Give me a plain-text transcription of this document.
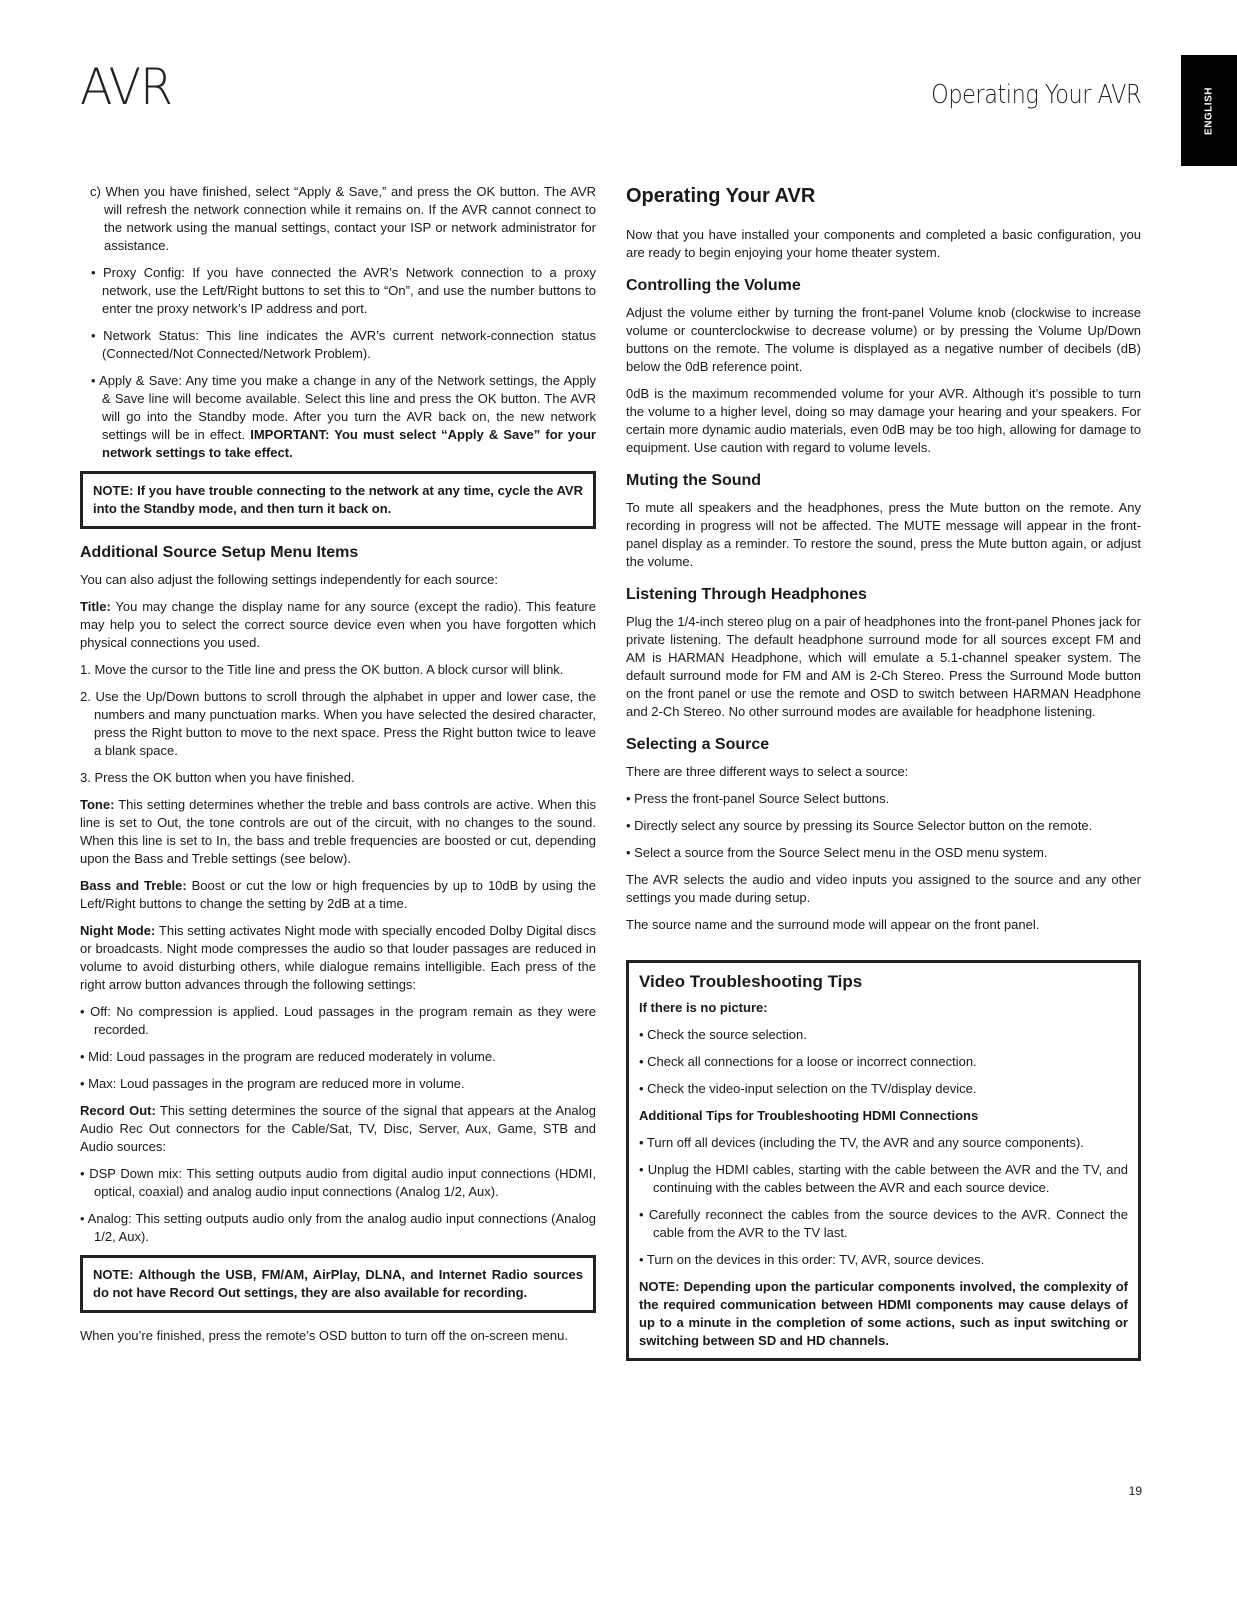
AVR	Operating Your AVR	ENGLISH

c) When you have finished, select “Apply & Save,” and press the OK button. The AVR will refresh the network connection while it remains on. If the AVR cannot connect to the network using the manual settings, contact your ISP or network administrator for assistance.

• Proxy Config: If you have connected the AVR’s Network connection to a proxy network, use the Left/Right buttons to set this to “On”, and use the number buttons to enter tne proxy network’s IP address and port.

• Network Status: This line indicates the AVR’s current network-connection status (Connected/Not Connected/Network Problem).

• Apply & Save: Any time you make a change in any of the Network settings, the Apply & Save line will become available. Select this line and press the OK button. The AVR will go into the Standby mode. After you turn the AVR back on, the new network settings will be in effect. IMPORTANT: You must select “Apply & Save” for your network settings to take effect.

NOTE: If you have trouble connecting to the network at any time, cycle the AVR into the Standby mode, and then turn it back on.

Additional Source Setup Menu Items

You can also adjust the following settings independently for each source:

Title: You may change the display name for any source (except the radio). This feature may help you to select the correct source device even when you have forgotten which physical connections you used.

1. Move the cursor to the Title line and press the OK button. A block cursor will blink.

2. Use the Up/Down buttons to scroll through the alphabet in upper and lower case, the numbers and many punctuation marks. When you have selected the desired character, press the Right button to move to the next space. Press the Right button twice to leave a blank space.

3. Press the OK button when you have finished.

Tone: This setting determines whether the treble and bass controls are active. When this line is set to Out, the tone controls are out of the circuit, with no changes to the sound. When this line is set to In, the bass and treble frequencies are boosted or cut, depending upon the Bass and Treble settings (see below).

Bass and Treble: Boost or cut the low or high frequencies by up to 10dB by using the Left/Right buttons to change the setting by 2dB at a time.

Night Mode: This setting activates Night mode with specially encoded Dolby Digital discs or broadcasts. Night mode compresses the audio so that louder passages are reduced in volume to avoid disturbing others, while dialogue remains intelligible. Each press of the right arrow button advances through the following settings:

• Off: No compression is applied. Loud passages in the program remain as they were recorded.

• Mid: Loud passages in the program are reduced moderately in volume.

• Max: Loud passages in the program are reduced more in volume.

Record Out: This setting determines the source of the signal that appears at the Analog Audio Rec Out connectors for the Cable/Sat, TV, Disc, Server, Aux, Game, STB and Audio sources:

• DSP Down mix: This setting outputs audio from digital audio input connections (HDMI, optical, coaxial) and analog audio input connections (Analog 1/2, Aux).

• Analog: This setting outputs audio only from the analog audio input connections (Analog 1/2, Aux).

NOTE: Although the USB, FM/AM, AirPlay, DLNA, and Internet Radio sources do not have Record Out settings, they are also available for recording.

When you’re finished, press the remote’s OSD button to turn off the on-screen menu.

Operating Your AVR

Now that you have installed your components and completed a basic configuration, you are ready to begin enjoying your home theater system.

Controlling the Volume

Adjust the volume either by turning the front-panel Volume knob (clockwise to increase volume or counterclockwise to decrease volume) or by pressing the Volume Up/Down buttons on the remote. The volume is displayed as a negative number of decibels (dB) below the 0dB reference point.

0dB is the maximum recommended volume for your AVR. Although it’s possible to turn the volume to a higher level, doing so may damage your hearing and your speakers. For certain more dynamic audio materials, even 0dB may be too high, allowing for damage to equipment. Use caution with regard to volume levels.

Muting the Sound

To mute all speakers and the headphones, press the Mute button on the remote. Any recording in progress will not be affected. The MUTE message will appear in the front-panel display as a reminder. To restore the sound, press the Mute button again, or adjust the volume.

Listening Through Headphones

Plug the 1/4-inch stereo plug on a pair of headphones into the front-panel Phones jack for private listening. The default headphone surround mode for all sources except FM and AM is HARMAN Headphone, which will emulate a 5.1-channel speaker system. The default surround mode for FM and AM is 2-Ch Stereo. Press the Surround Mode button on the front panel or use the remote and OSD to switch between HARMAN Headphone and 2-Ch Stereo. No other surround modes are available for headphone listening.

Selecting a Source

There are three different ways to select a source:

• Press the front-panel Source Select buttons.

• Directly select any source by pressing its Source Selector button on the remote.

• Select a source from the Source Select menu in the OSD menu system.

The AVR selects the audio and video inputs you assigned to the source and any other settings you made during setup.

The source name and the surround mode will appear on the front panel.

Video Troubleshooting Tips

If there is no picture:

• Check the source selection.

• Check all connections for a loose or incorrect connection.

• Check the video-input selection on the TV/display device.

Additional Tips for Troubleshooting HDMI Connections

• Turn off all devices (including the TV, the AVR and any source components).

• Unplug the HDMI cables, starting with the cable between the AVR and the TV, and continuing with the cables between the AVR and each source device.

• Carefully reconnect the cables from the source devices to the AVR. Connect the cable from the AVR to the TV last.

• Turn on the devices in this order: TV, AVR, source devices.

NOTE: Depending upon the particular components involved, the complexity of the required communication between HDMI components may cause delays of up to a minute in the completion of some actions, such as input switching or switching between SD and HD channels.

19
